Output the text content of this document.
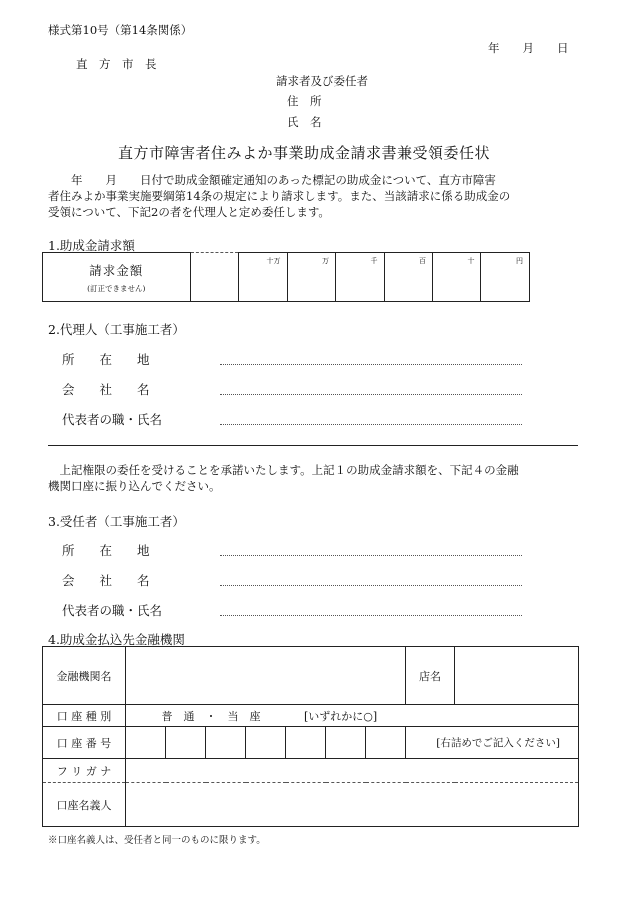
様式第10号（第14条関係）
年　　月　　日
直　方　市　長
請求者及び委任者
住　所
氏　名
直方市障害者住みよか事業助成金請求書兼受領委任状
　　年　　月　　日付で助成金額確定通知のあった標記の助成金について、直方市障害
者住みよか事業実施要綱第14条の規定により請求します。また、当該請求に係る助成金の
受領について、下記2の者を代理人と定め委任します。
1.助成金請求額
請求金額
(訂正できません)

十万	万	千	百	十	円
2.代理人（工事施工者）
所　　在　　地
会　　社　　名
代表者の職・氏名
　上記権限の委任を受けることを承諾いたします。上記１の助成金請求額を、下記４の金融
機関口座に振り込んでください。
3.受任者（工事施工者）
所　　在　　地
会　　社　　名
代表者の職・氏名
4.助成金払込先金融機関
金融機関名								店名	
口 座 種 別	普　通　・　当　座 [いずれかに○]								
口 座 番 号								[右詰めでご記入ください]	
フ リ ガ ナ									
口座名義人									
※口座名義人は、受任者と同一のものに限ります。
